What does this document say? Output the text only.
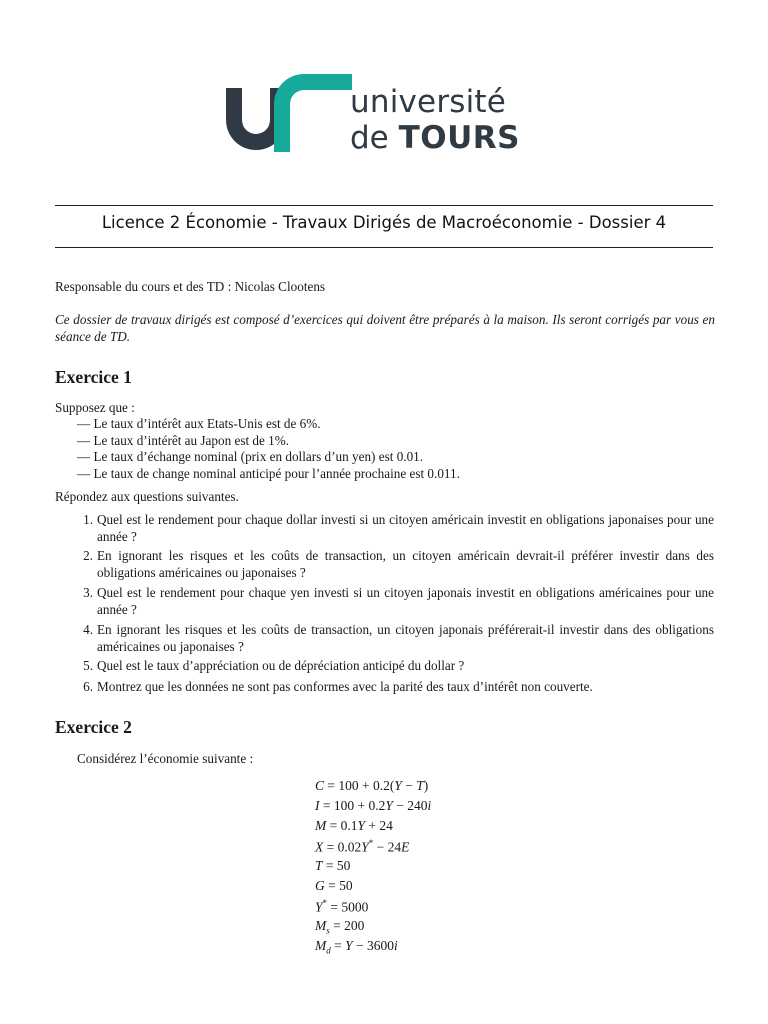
université
de TOURS
Licence 2 Économie - Travaux Dirigés de Macroéconomie - Dossier 4
Responsable du cours et des TD : Nicolas Clootens
Ce dossier de travaux dirigés est composé d’exercices qui doivent être préparés à la maison. Ils seront corrigés par vous en séance de TD.
Exercice 1
Supposez que :
— Le taux d’intérêt aux Etats-Unis est de 6%.
— Le taux d’intérêt au Japon est de 1%.
— Le taux d’échange nominal (prix en dollars d’un yen) est 0.01.
— Le taux de change nominal anticipé pour l’année prochaine est 0.011.
Répondez aux questions suivantes.
1. Quel est le rendement pour chaque dollar investi si un citoyen américain investit en obligations japonaises pour une année ?
2. En ignorant les risques et les coûts de transaction, un citoyen américain devrait-il préférer investir dans des obligations américaines ou japonaises ?
3. Quel est le rendement pour chaque yen investi si un citoyen japonais investit en obligations américaines pour une année ?
4. En ignorant les risques et les coûts de transaction, un citoyen japonais préférerait-il investir dans des obligations américaines ou japonaises ?
5. Quel est le taux d’appréciation ou de dépréciation anticipé du dollar ?
6. Montrez que les données ne sont pas conformes avec la parité des taux d’intérêt non couverte.
Exercice 2
Considérez l’économie suivante :
C = 100 + 0.2(Y − T)
I = 100 + 0.2Y − 240i
M = 0.1Y + 24
X = 0.02Y* − 24E
T = 50
G = 50
Y* = 5000
$M_s = 200$
$M_d = Y - 3600i$
